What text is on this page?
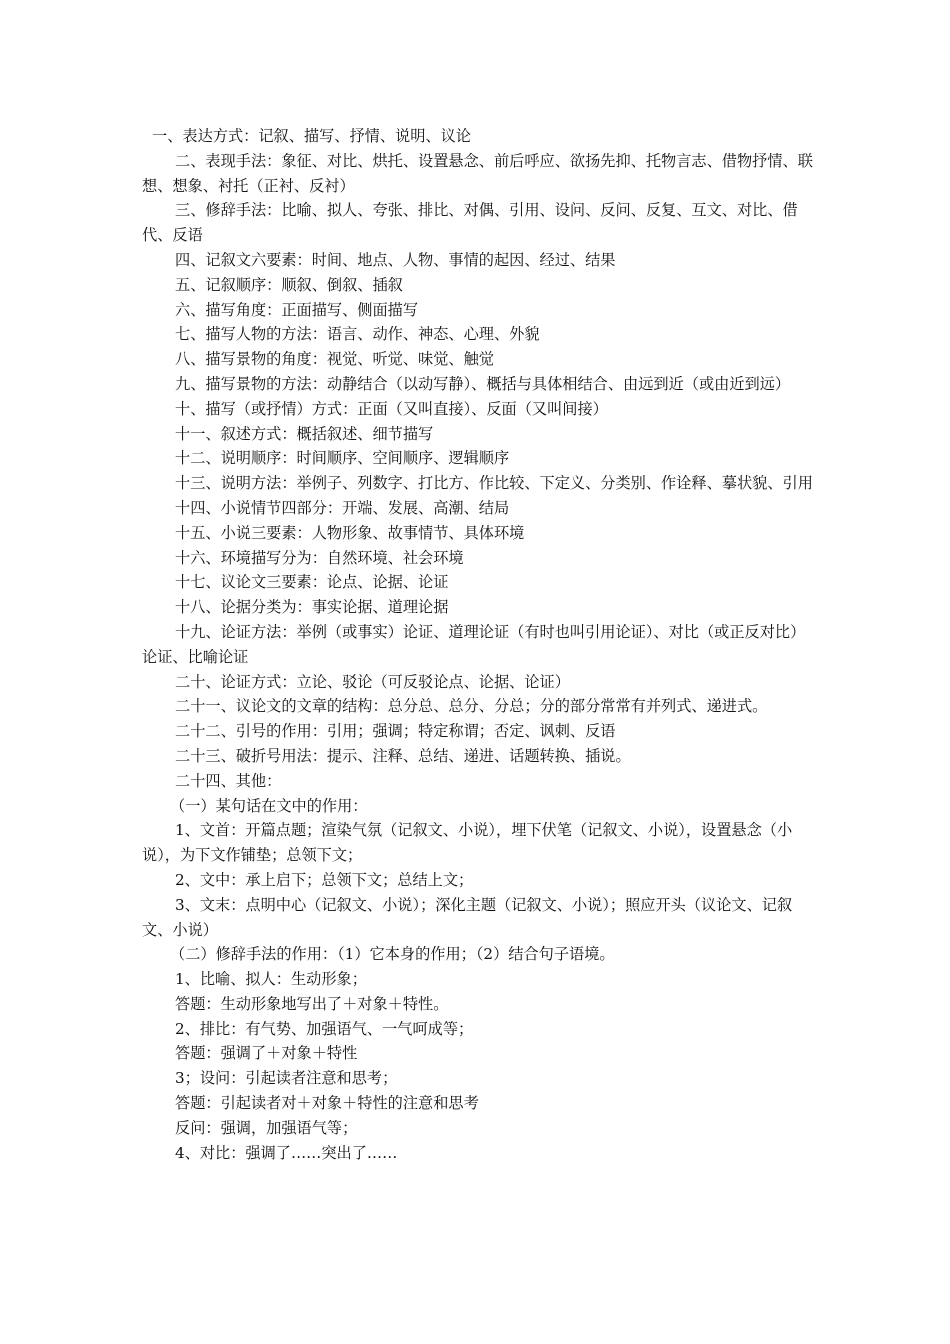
一、表达方式：记叙、描写、抒情、说明、议论

二、表现手法：象征、对比、烘托、设置悬念、前后呼应、欲扬先抑、托物言志、借物抒情、联想、想象、衬托（正衬、反衬）

三、修辞手法：比喻、拟人、夸张、排比、对偶、引用、设问、反问、反复、互文、对比、借代、反语

四、记叙文六要素：时间、地点、人物、事情的起因、经过、结果

五、记叙顺序：顺叙、倒叙、插叙

六、描写角度：正面描写、侧面描写

七、描写人物的方法：语言、动作、神态、心理、外貌

八、描写景物的角度：视觉、听觉、味觉、触觉

九、描写景物的方法：动静结合（以动写静）、概括与具体相结合、由远到近（或由近到远）

十、描写（或抒情）方式：正面（又叫直接）、反面（又叫间接）

十一、叙述方式：概括叙述、细节描写

十二、说明顺序：时间顺序、空间顺序、逻辑顺序

十三、说明方法：举例子、列数字、打比方、作比较、下定义、分类别、作诠释、摹状貌、引用

十四、小说情节四部分：开端、发展、高潮、结局

十五、小说三要素：人物形象、故事情节、具体环境

十六、环境描写分为：自然环境、社会环境

十七、议论文三要素：论点、论据、论证

十八、论据分类为：事实论据、道理论据

十九、论证方法：举例（或事实）论证、道理论证（有时也叫引用论证）、对比（或正反对比）论证、比喻论证

二十、论证方式：立论、驳论（可反驳论点、论据、论证）

二十一、议论文的文章的结构：总分总、总分、分总；分的部分常常有并列式、递进式。

二十二、引号的作用：引用；强调；特定称谓；否定、讽刺、反语

二十三、破折号用法：提示、注释、总结、递进、话题转换、插说。

二十四、其他：

（一）某句话在文中的作用：

1、文首：开篇点题；渲染气氛（记叙文、小说），埋下伏笔（记叙文、小说），设置悬念（小说），为下文作铺垫；总领下文；

2、文中：承上启下；总领下文；总结上文；

3、文末：点明中心（记叙文、小说）；深化主题（记叙文、小说）；照应开头（议论文、记叙文、小说）

（二）修辞手法的作用：（1）它本身的作用；（2）结合句子语境。

1、比喻、拟人：生动形象；

答题：生动形象地写出了＋对象＋特性。

2、排比：有气势、加强语气、一气呵成等；

答题：强调了＋对象＋特性

3；设问：引起读者注意和思考；

答题：引起读者对＋对象＋特性的注意和思考

反问：强调，加强语气等；

4、对比：强调了……突出了……
